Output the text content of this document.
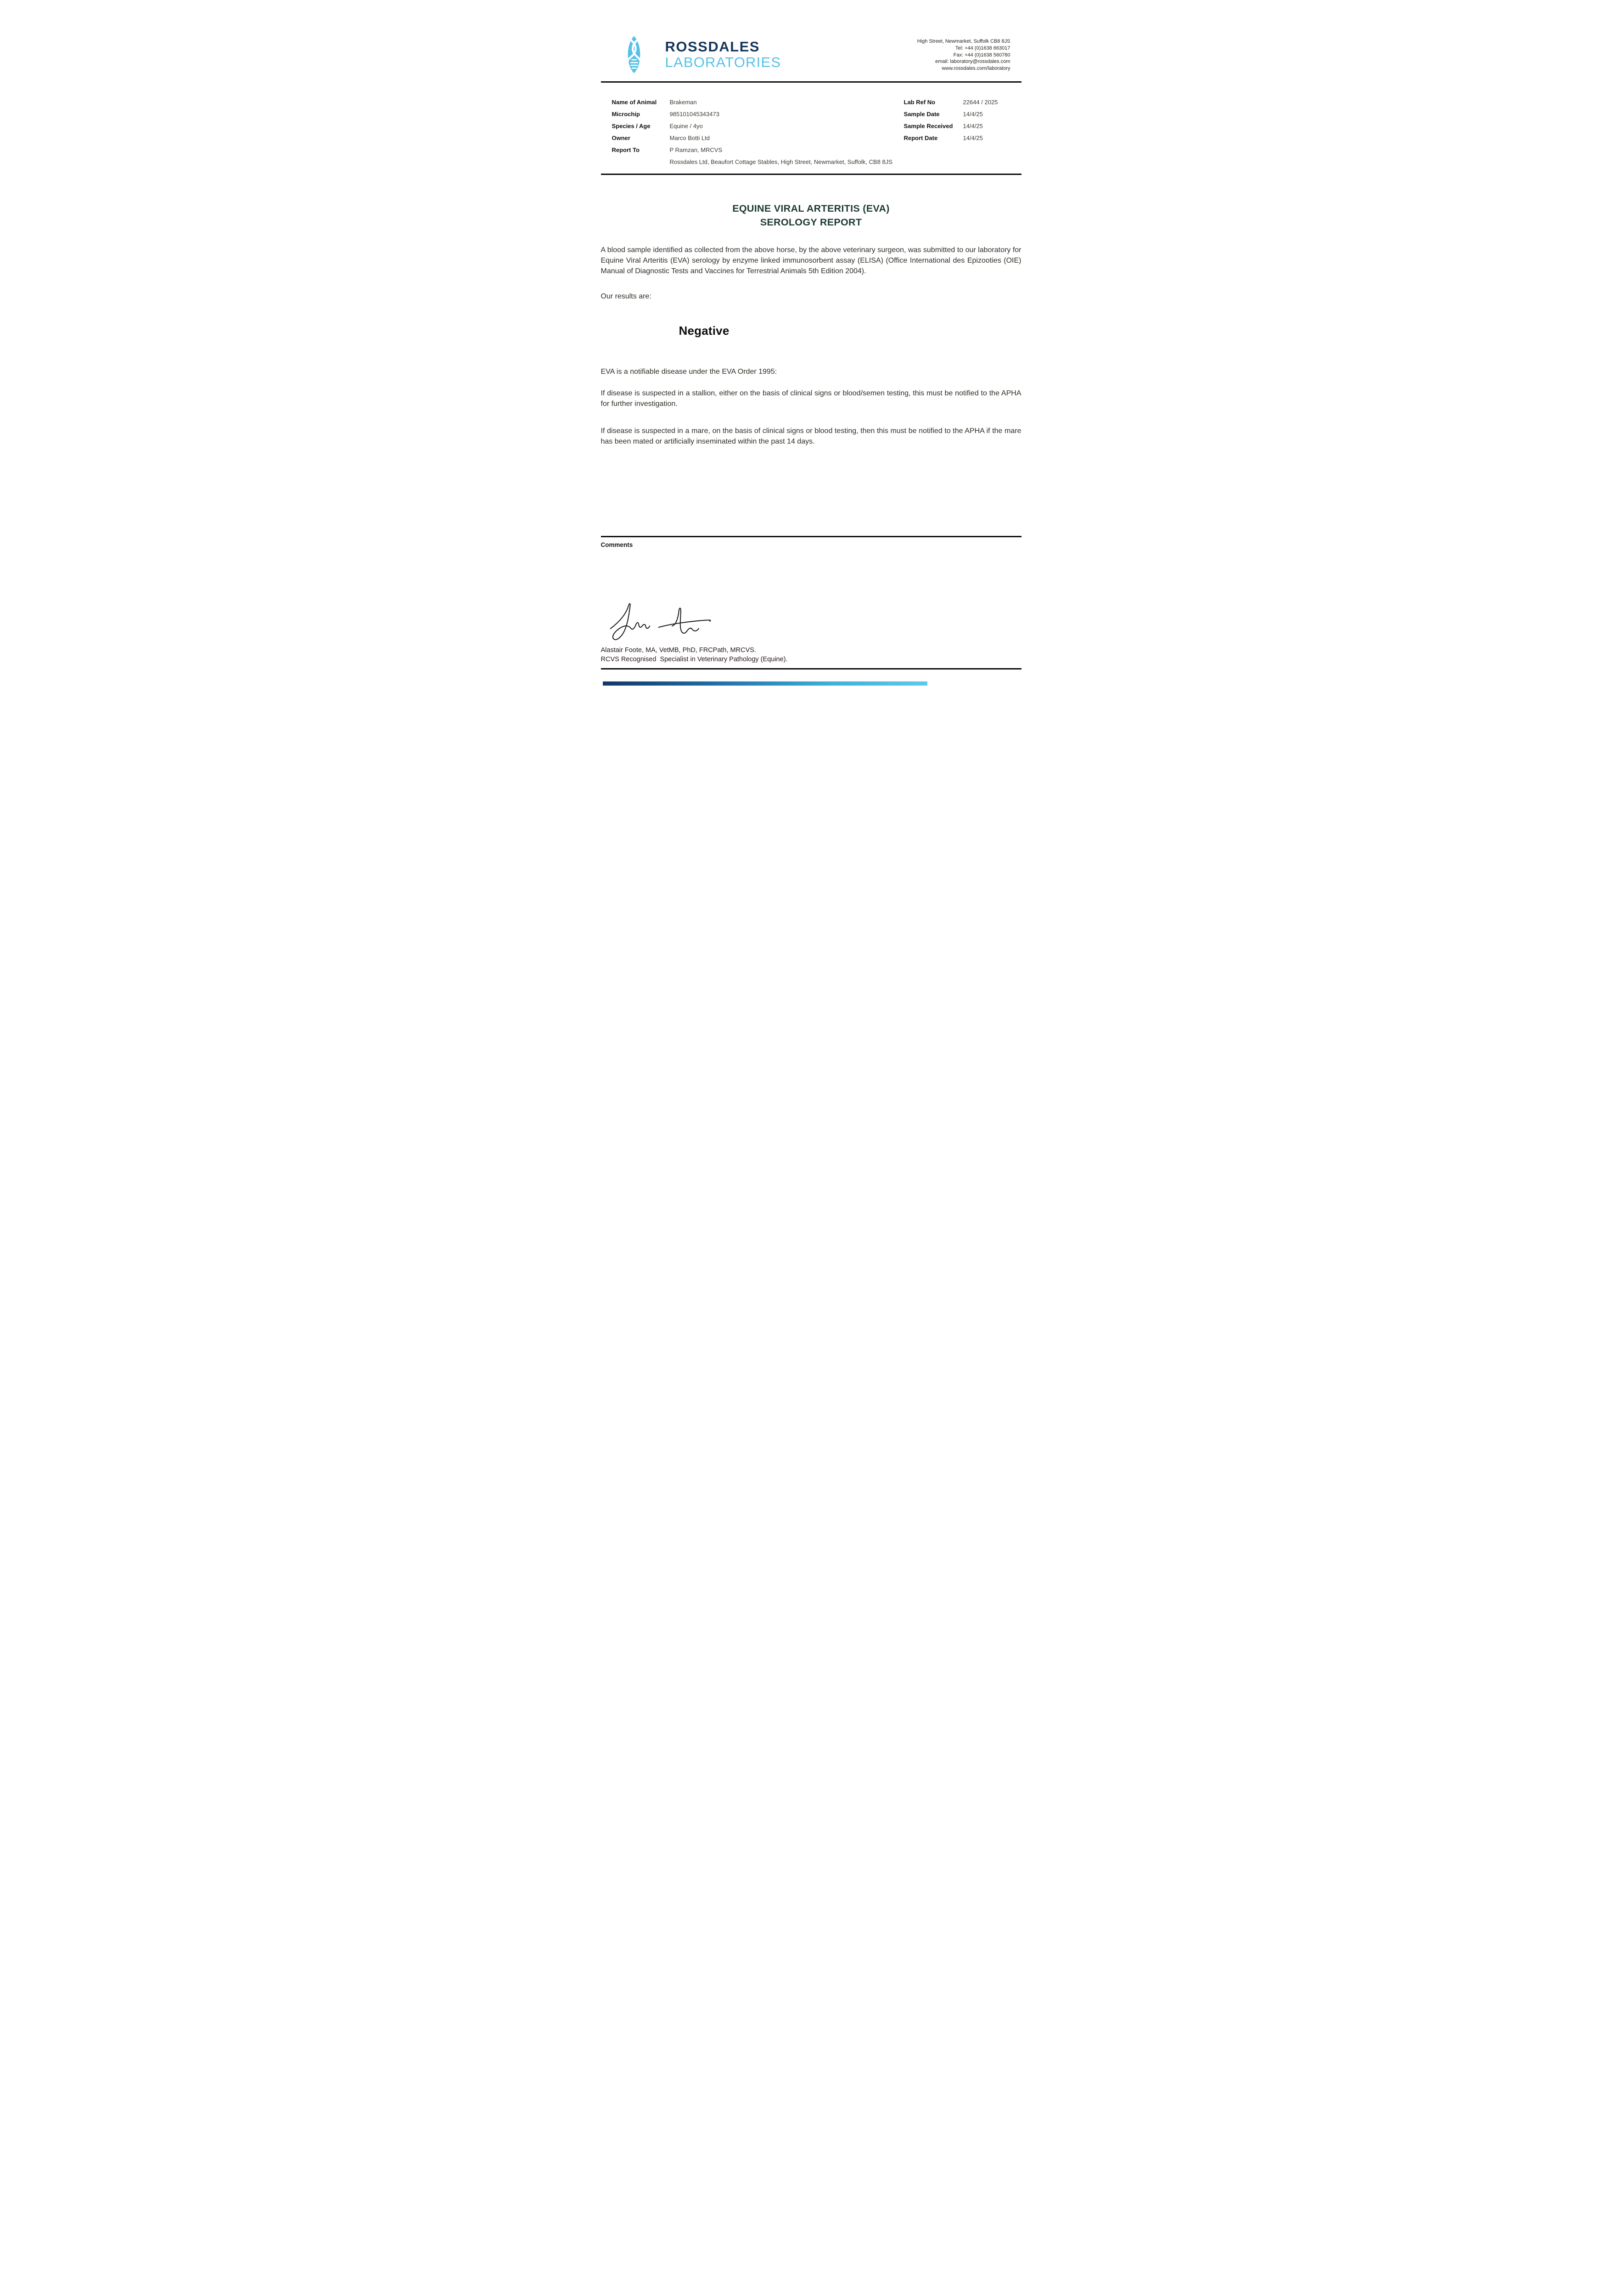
ROSSDALES
LABORATORIES
High Street, Newmarket, Suffolk CB8 8JS
Tel: +44 (0)1638 663017
Fax: +44 (0)1638 560780
email: laboratory@rossdales.com
www.rossdales.com/laboratory
Name of Animal	Brakeman
Microchip	985101045343473
Species / Age	Equine / 4yo
Owner	Marco Botti Ltd
Report To	P Ramzan, MRCVS
Rossdales Ltd, Beaufort Cottage Stables, High Street, Newmarket, Suffolk, CB8 8JS
Lab Ref No	22644 / 2025
Sample Date	14/4/25
Sample Received	14/4/25
Report Date	14/4/25
EQUINE VIRAL ARTERITIS (EVA)
SEROLOGY REPORT

A blood sample identified as collected from the above horse, by the above veterinary surgeon, was submitted to our laboratory for Equine Viral Arteritis (EVA) serology by enzyme linked immunosorbent assay (ELISA) (Office International des Epizooties (OIE) Manual of Diagnostic Tests and Vaccines for Terrestrial Animals 5th Edition 2004).

Our results are:

Negative

EVA is a notifiable disease under the EVA Order 1995:

If disease is suspected in a stallion, either on the basis of clinical signs or blood/semen testing, this must be notified to the APHA for further investigation.

If disease is suspected in a mare, on the basis of clinical signs or blood testing, then this must be notified to the APHA if the mare has been mated or artificially inseminated within the past 14 days.

Comments
Alastair Foote, MA, VetMB, PhD, FRCPath, MRCVS.
RCVS Recognised  Specialist in Veterinary Pathology (Equine).
